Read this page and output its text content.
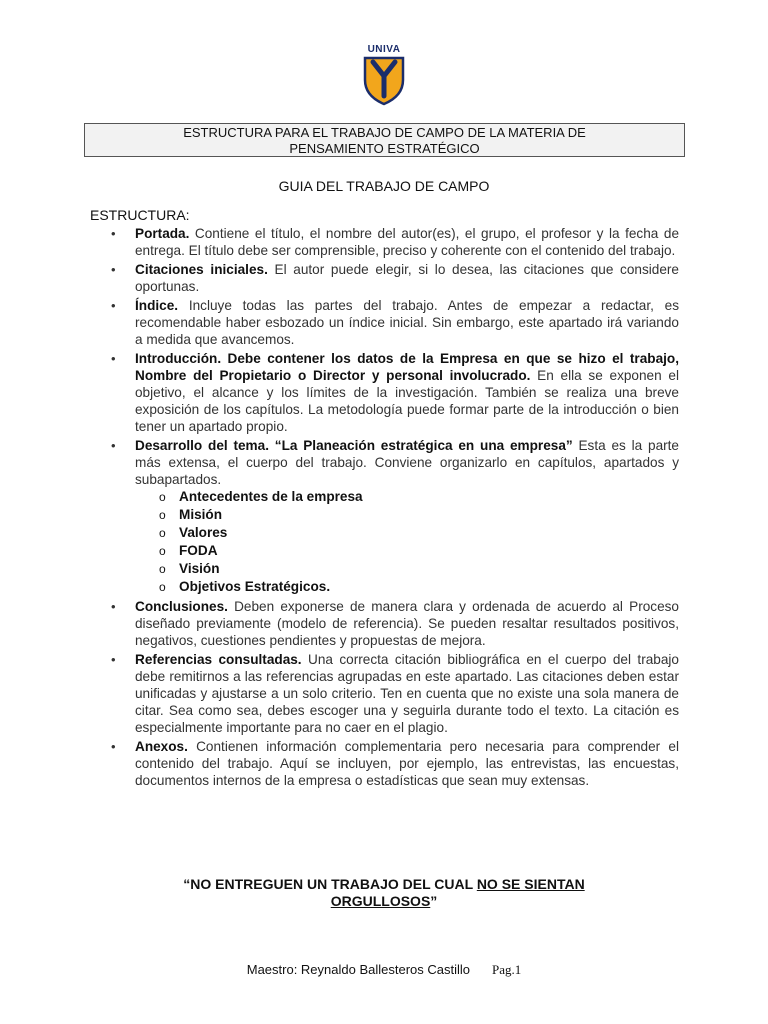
UNIVA
ESTRUCTURA PARA EL TRABAJO DE CAMPO DE LA MATERIA DE
PENSAMIENTO ESTRATÉGICO
GUIA DEL TRABAJO DE CAMPO
ESTRUCTURA:
• Portada. Contiene el título, el nombre del autor(es), el grupo, el profesor y la fecha de entrega. El título debe ser comprensible, preciso y coherente con el contenido del trabajo.
• Citaciones iniciales. El autor puede elegir, si lo desea, las citaciones que considere oportunas.
• Índice. Incluye todas las partes del trabajo. Antes de empezar a redactar, es recomendable haber esbozado un índice inicial. Sin embargo, este apartado irá variando a medida que avancemos.
• Introducción. Debe contener los datos de la Empresa en que se hizo el trabajo, Nombre del Propietario o Director y personal involucrado. En ella se exponen el objetivo, el alcance y los límites de la investigación. También se realiza una breve exposición de los capítulos. La metodología puede formar parte de la introducción o bien tener un apartado propio.
• Desarrollo del tema. “La Planeación estratégica en una empresa” Esta es la parte más extensa, el cuerpo del trabajo. Conviene organizarlo en capítulos, apartados y subapartados.
o Antecedentes de la empresa
o Misión
o Valores
o FODA
o Visión
o Objetivos Estratégicos.
• Conclusiones. Deben exponerse de manera clara y ordenada de acuerdo al Proceso diseñado previamente (modelo de referencia). Se pueden resaltar resultados positivos, negativos, cuestiones pendientes y propuestas de mejora.
• Referencias consultadas. Una correcta citación bibliográfica en el cuerpo del trabajo debe remitirnos a las referencias agrupadas en este apartado. Las citaciones deben estar unificadas y ajustarse a un solo criterio. Ten en cuenta que no existe una sola manera de citar. Sea como sea, debes escoger una y seguirla durante todo el texto. La citación es especialmente importante para no caer en el plagio.
• Anexos. Contienen información complementaria pero necesaria para comprender el contenido del trabajo. Aquí se incluyen, por ejemplo, las entrevistas, las encuestas, documentos internos de la empresa o estadísticas que sean muy extensas.
“NO ENTREGUEN UN TRABAJO DEL CUAL NO SE SIENTAN
ORGULLOSOS”
Maestro: Reynaldo Ballesteros Castillo Pag.1
